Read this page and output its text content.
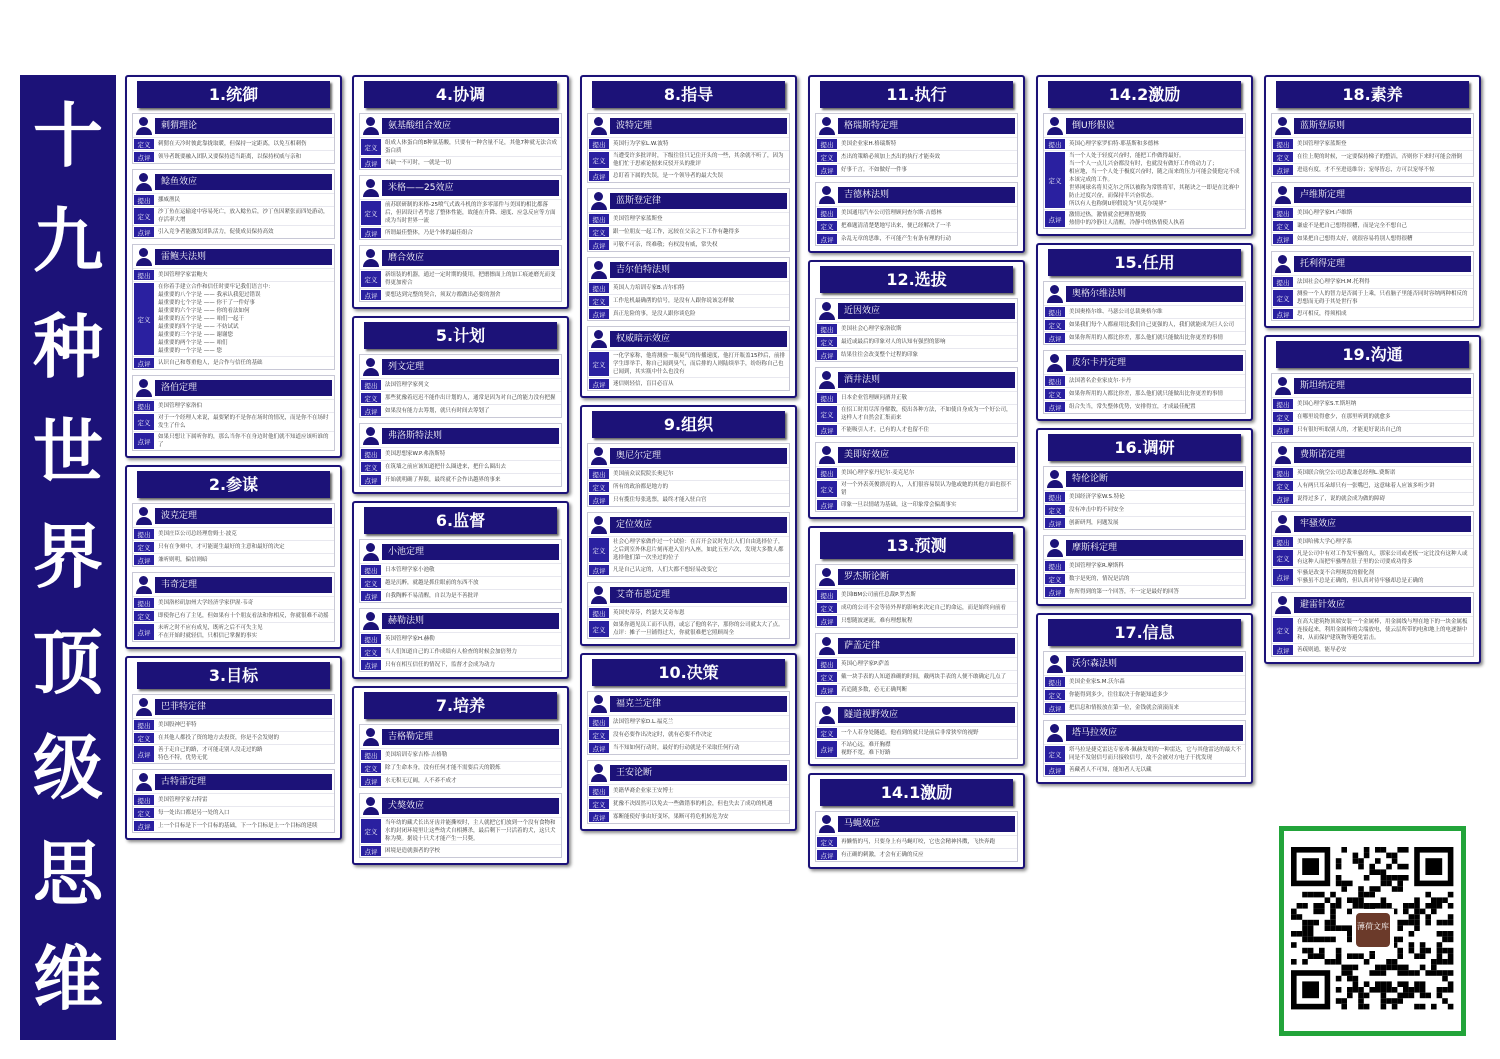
十
九
种
世
界
顶
级
思
维
1.统御
刺猬理论
定义	刺猬在天冷时彼此靠拢取暖，但保持一定距离，以免互相刺伤
点评	领导者既要融入团队又要保持适当距离，以保持权威与亲和
鲶鱼效应
提出	挪威渔民
定义
沙丁鱼在运输途中容易死亡，放入鲶鱼后，沙丁鱼因紧张而四处游动，存活率大增
点评	引入竞争者能激发团队活力，促使成员保持高效
雷鲍夫法则
提出	美国管理学家雷鲍夫
定义
在你着手建立合作和信任时要牢记我们语言中：
最重要的八个字是 —— 我承认我犯过错误
最重要的七个字是 —— 你干了一件好事
最重要的六个字是 —— 你的看法如何
最重要的五个字是 —— 咱们一起干
最重要的四个字是 —— 不妨试试
最重要的三个字是 —— 谢谢您
最重要的两个字是 —— 咱们
最重要的一个字是 —— 您
点评	认识自己和尊重他人，是合作与信任的基础
洛伯定理
提出	美国管理学家洛伯
定义
对于一个经理人来说，最要紧的不是你在场时的情况，而是你不在场时发生了什么
点评
如果只想让下属听你的，那么当你不在身边时他们就不知道应该听谁的了
2.参谋
波克定理
提出	美国庄臣公司总经理詹姆士·波克
定义	只有在争辩中，才可能诞生最好的主意和最好的决定
点评	兼听则明，偏信则暗
韦奇定理
提出	美国洛杉矶加州大学经济学家伊渥·韦奇
定义	即使你已有了主见，但如果有十个朋友看法和你相反，你就很难不动摇
点评
未听之时不应有成见，既听之后不可失主见
不在开始时就轻信，只相信已掌握的事实
3.目标
巴菲特定律
提出	美国股神巴菲特
定义	在其他人都投了资的地方去投资，你是不会发财的
点评
善于走自己的路，才可能走别人没走过的路
特色不特，优势无优
古特雷定理
提出	美国管理学家古特雷
定义	每一处出口都是另一处的入口
点评	上一个目标是下一个目标的基础，下一个目标是上一个目标的延续
4.协调
氨基酸组合效应
定义
组成人体蛋白的8种氨基酸，只要有一种含量不足，其他7种就无法合成蛋白质
点评	当缺一不可时，一就是一切
米格——25效应
定义
前苏联研制的米格-25喷气式战斗机的许多零部件与美国的相比都落后，但因设计者考虑了整体性能，故能在升降、速度、应急反应等方面成为当时世界一流
点评	所谓最佳整体，乃是个体的最佳组合
磨合效应
定义
新组装的机器，通过一定时期的使用，把磨擦面上的加工痕迹磨光而变得更加密合
点评	要想达到完整的契合，须双方都做出必要的割舍
5.计划
列文定理
提出	法国管理学家列文
定义	那些犹豫着迟迟不能作出计划的人，通常是因为对自己的能力没有把握
点评	如果没有能力去筹划，就只有时间去筹划了
弗洛斯特法则
提出	美国思想家W.P.弗洛斯特
定义	在筑墙之前应该知道把什么圈进来，把什么圈出去
点评	开始就明确了界限，最终就不会作出越界的事来
6.监督
小池定理
提出	日本管理学家小池敬
定义	越是沉醉，就越是抓住眼前的东西不放
点评	自我陶醉不易清醒，自以为是不善批评
赫勒法则
提出	英国管理学家H.赫勒
定义	当人们知道自己的工作成绩有人检查的时候会加倍努力
点评	只有在相互信任的情况下，监督才会成为动力
7.培养
吉格勒定理
提出	美国培训专家吉格·吉格勒
定义	除了生命本身，没有任何才能不需要后天的锻炼
点评	水无积无辽阔，人不养不成才
犬獒效应
定义
当年幼的藏犬长出牙齿并能撕咬时，主人就把它们放到一个没有食物和水的封闭环境里让这些幼犬自相搏杀，最后剩下一只活着的犬，这只犬称为獒。据说十只犬才能产生一只獒。
点评	困境是造就强者的学校
8.指导
波特定理
提出	英国行为学家L.W.波特
定义
当遭受许多批评时，下级往往只记住开头的一些，其余就不听了，因为他们忙于思索论据来反驳开头的批评
点评	总盯着下属的失误，是一个领导者的最大失误
蓝斯登定律
提出	美国管理学家蓝斯登
定义	跟一位朋友一起工作，远较在父亲之下工作有趣得多
点评	可敬不可亲，终难敬；有权没有威，常失权
吉尔伯特法则
提出	英国人力培训专家B.吉尔伯特
定义	工作危机最确凿的信号，是没有人跟你说该怎样做
点评	真正危险的事，是没人跟你谈危险
权威暗示效应
定义
一化学家称，他将测验一瓶臭气的传播速度，他打开瓶盖15秒后，前排学生即举手，称自己闻到臭气，而后排的人则陆续举手，纷纷称自己也已闻到，其实瓶中什么也没有
点评	迷信则轻信，盲目必盲从
9.组织
奥尼尔定理
提出	美国前众议院院长奥尼尔
定义	所有的政治都是地方的
点评	只有揽住每张选票，最终才能入驻白宫
定位效应
定义
社会心理学家做作过一个试验：在召开会议时先让人们自由选择位子，之后到室外休息片刻再进入室内入座，如此五至六次，发现大多数人都选择他们第一次坐过的位子
点评	凡是自己认定的，人们大都不想轻易改变它
艾奇布恩定理
提出	英国史蒂芬，约瑟夫艾奇布恩
定义
如果你遇见员工而不认得，或忘了他的名字，那你的公司就太大了点。点评：摊子一旦铺得过大，你就很难把它照顾周全
10.决策
福克兰定律
提出	法国管理学家D.L.福克兰
定义	没有必要作出决定时，就有必要不作决定
点评	当不知如何行动时，最好的行动就是不采取任何行动
王安论断
提出	美籍华裔企业家王安博士
定义	犹豫不决固然可以免去一些做错事的机会，但也失去了成功的机遇
点评	寡断能使好事由好变坏，果断可将危机转危为安
11.执行
格瑞斯特定理
提出	美国企业家H.格瑞斯特
定义	杰出的策略必须加上杰出的执行才能奏效
点评	好事千言，不如做好一件事
吉德林法则
提出	美国通用汽车公司管理顾问查尔斯·吉德林
定义	把难题清清楚楚地写出来，便已经解决了一半
点评	杂乱无章的思维，不可能产生有条有理的行动
12.选拔
近因效应
提出	美国社会心理学家洛钦斯
定义	最近或最后的印象对人的认知有强烈的影响
点评	结果往往会改变整个过程的印象
酒井法则
提出	日本企业管理顾问酒井正敬
定义
在招工时用尽浑身解数，使出各种方法，不如使自身成为一个好公司，这样人才自然会汇集而来
点评	不能吸引人才，已有的人才也留不住
美即好效应
提出	美国心理学家丹尼尔·麦克尼尔
定义
对一个外表英俊漂亮的人，人们很容易误认为他或她的其他方面也很不错
点评	印象一旦以情绪为基础，这一印象常会偏离事实
13.预测
罗杰斯论断
提出	美国IBM公司前任总裁P.罗杰斯
定义	成功的公司不会等待外界的影响来决定自己的命运，而是始终向前看
点评	只想随波逐流，难有理想航程
萨盖定律
提出	英国心理学家P.萨盖
定义	戴一块手表的人知道准确的时间，戴两块手表的人便不敢确定几点了
点评	若追随多数，必无正确判断
隧道视野效应
定义	一个人若身处隧道，他看到的就只是前后非常狭窄的视野
点评
不站心远，难开胸襟
视野不宽，难下好路
14.1激励
马蝇效应
定义	再懒惰的马，只要身上有马蝇叮咬，它也会精神抖擞，飞快奔跑
点评	有正确的刺激，才会有正确的反应
14.2激励
倒U形假说
提出	英国心理学家罗伯特·耶基斯和多德林
定义
当一个人处于轻度兴奋时，能把工作做得最好。
当一个人一点儿兴奋都没有时，也就没有做好工作的动力了；
相应地，当一个人处于极度兴奋时，随之而来的压力可能会使他完不成本该完成的工作。
世界网球名将贝克尔之所以被称为常胜将军，其秘诀之一即是在比赛中防止过度兴奋，而保持半兴奋状态。
所以有人也称倒U形假说为“贝克尔境界”
点评
激情过热，激情就会把理智烧毁
热情中的冷静让人清醒，冷静中的热情使人执着
15.任用
奥格尔维法则
提出	美国奥格尔维、马瑟公司总裁奥格尔维
定义	如果我们每个人都雇用比我们自己更强的人，我们就能成为巨人公司
点评	如果你所用的人都比你差，那么他们就只能做出比你更差的事情
皮尔卡丹定理
提出	法国著名企业家皮尔·卡丹
定义	如果你所用的人都比你差，那么他们就只能做出比你更差的事情
点评	组合失当，常失整体优势，安排得宜，才成最佳配置
16.调研
特伦论断
提出	美国经济学家W.S.特伦
定义	没有冲击中的不同安全
点评	创新研判，问题发展
摩斯科定理
提出	美国管理学家R.摩斯科
定义	数字是死的，情况是活的
点评	你所得到的第一个回答，不一定是最好的回答
17.信息
沃尔森法则
提出	美国企业家S.M.沃尔森
定义	你能得到多少，往往取决于你能知道多少
点评	把信息和情报放在第一位，金钱就会滚滚而来
塔马拉效应
定义
塔马拉是捷克雷达专家弗·佩赫发明的一种雷达，它与其他雷达的最大不同是不发射信号而只接收信号，故不会被对方电子干扰发现
点评	善藏者人不可知，能知者人无以藏
18.素养
蓝斯登原则
提出	美国管理学家蓝斯登
定义	在往上爬的时候，一定要保持梯子的整洁，否则你下来时可能会滑倒
点评	进退有度，才不至进退维谷；宠辱皆忘，方可以宠辱不惊
卢维斯定理
提出	美国心理学家H.卢维斯
定义	谦虚不是把自己想得很糟，而是完全不想自己
点评	如果把自己想得太好，就很容易将别人想得很糟
托利得定理
提出	法国社会心理学家H.M.托利得
定义
测验一个人的智力是否属于上乘，只看脑子里能否同时容纳两种相反的思想而无碍于其处世行事
点评	思可相反，得须相成
19.沟通
斯坦纳定理
提出	美国心理学家S.T.斯坦纳
定义	在哪里说得愈少，在那里听到的就愈多
点评	只有很好听取别人的，才能更好说出自己的
费斯诺定理
提出	英国联合航空公司总裁兼总经理L.费斯诺
定义	人有两只耳朵却只有一张嘴巴，这意味着人应该多听少讲
点评	说得过多了，说的就会成为做的障碍
牢骚效应
提出	美国哈佛大学心理学系
定义
凡是公司中有对工作发牢骚的人，那家公司或老板一定比没有这种人或有这种人而把牢骚埋在肚子里的公司要成功得多
点评
牢骚是改变不合理现状的催化剂
牢骚虽不总是正确的，但认真对待牢骚却总是正确的
避雷针效应
定义
在高大建筑物顶端安装一个金属棒，用金属线与埋在地下的一块金属板连接起来，利用金属棒的尖端放电，使云层所带的电和地上的电逐渐中和，从而保护建筑物等避免雷击。
点评	善疏则通，能导必安
薄荷文库
